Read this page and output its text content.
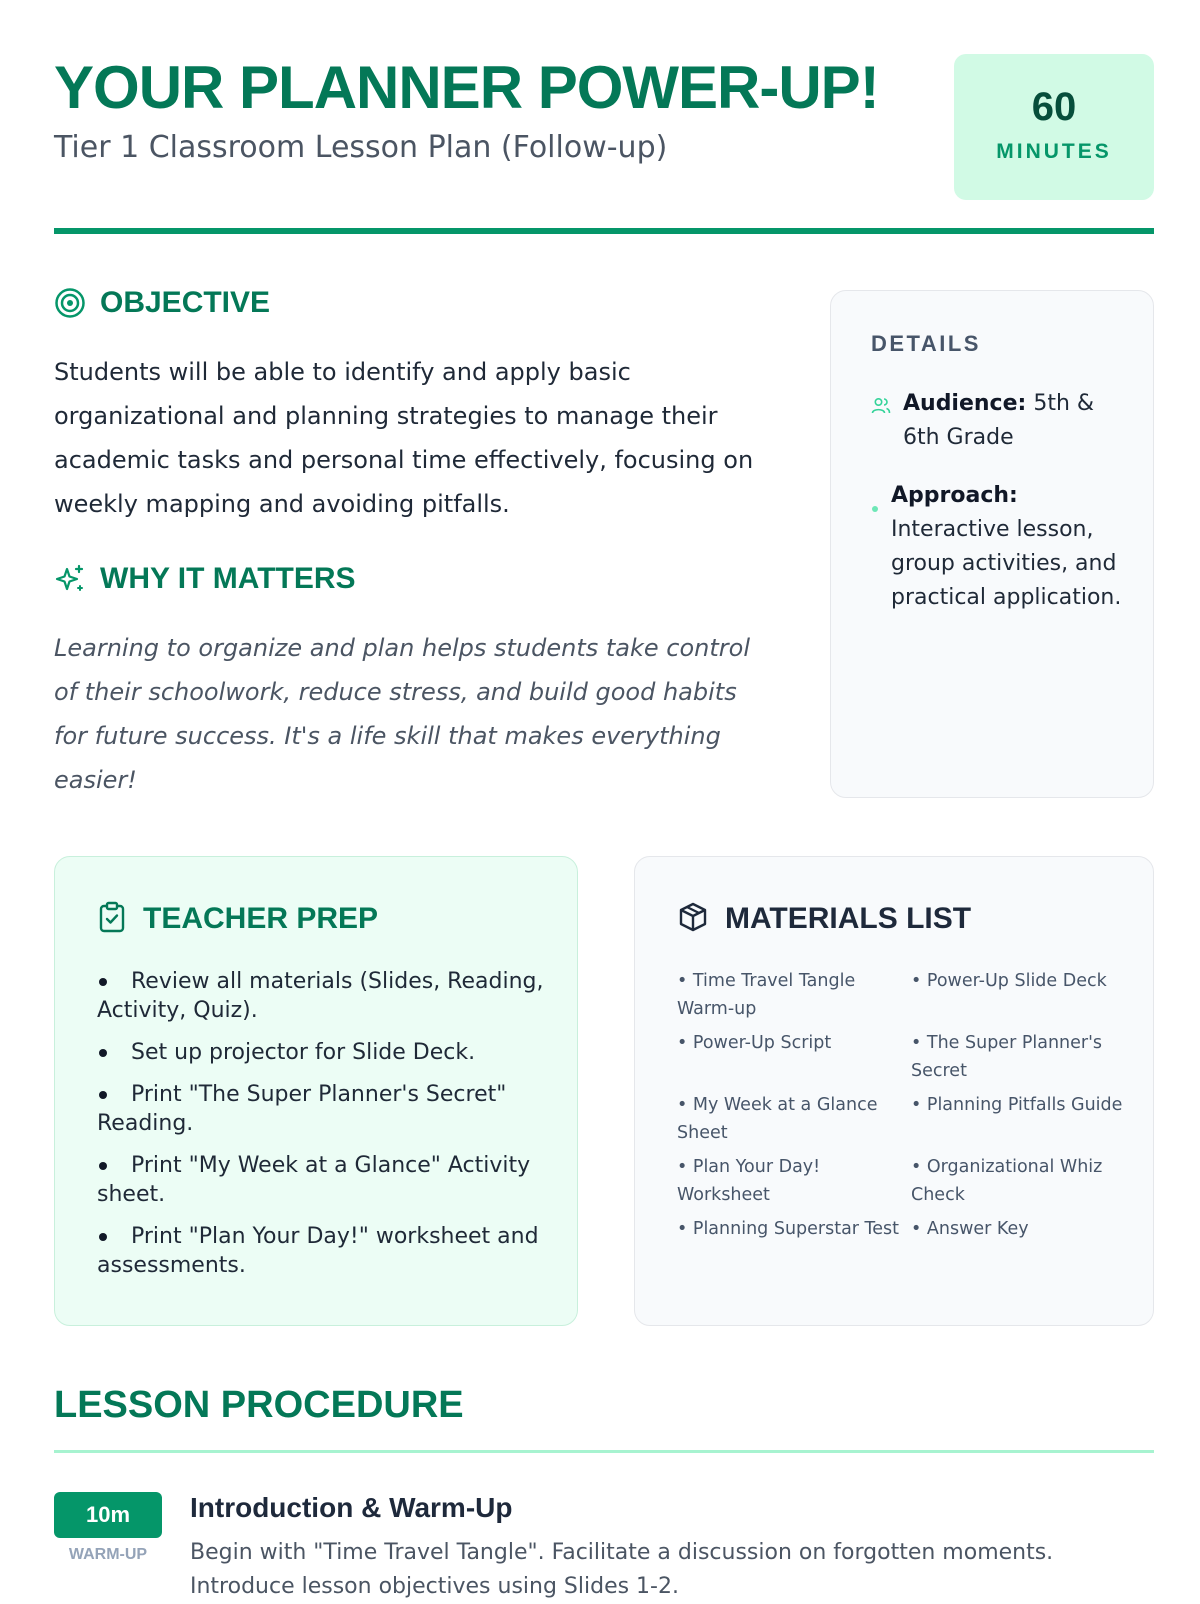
YOUR PLANNER POWER-UP!
Tier 1 Classroom Lesson Plan (Follow-up)
60
MINUTES
OBJECTIVE

Students will be able to identify and apply basic organizational and planning strategies to manage their academic tasks and personal time effectively, focusing on weekly mapping and avoiding pitfalls.

WHY IT MATTERS

Learning to organize and plan helps students take control of their schoolwork, reduce stress, and build good habits for future success. It's a life skill that makes everything easier!

DETAILS
Audience: 5th & 6th Grade
Approach: Interactive lesson, group activities, and practical application.
TEACHER PREP
Review all materials (Slides, Reading, Activity, Quiz).
Set up projector for Slide Deck.
Print "The Super Planner's Secret" Reading.
Print "My Week at a Glance" Activity sheet.
Print "Plan Your Day!" worksheet and assessments.
MATERIALS LIST
• Time Travel Tangle Warm-up
• Power-Up Slide Deck
• Power-Up Script	• The Super Planner's Secret
• My Week at a Glance Sheet
• Planning Pitfalls Guide
• Plan Your Day! Worksheet
• Organizational Whiz Check
• Planning Superstar Test • Answer Key
LESSON PROCEDURE
10m
WARM-UP
Introduction & Warm-Up

Begin with "Time Travel Tangle". Facilitate a discussion on forgotten moments. Introduce lesson objectives using Slides 1-2.
